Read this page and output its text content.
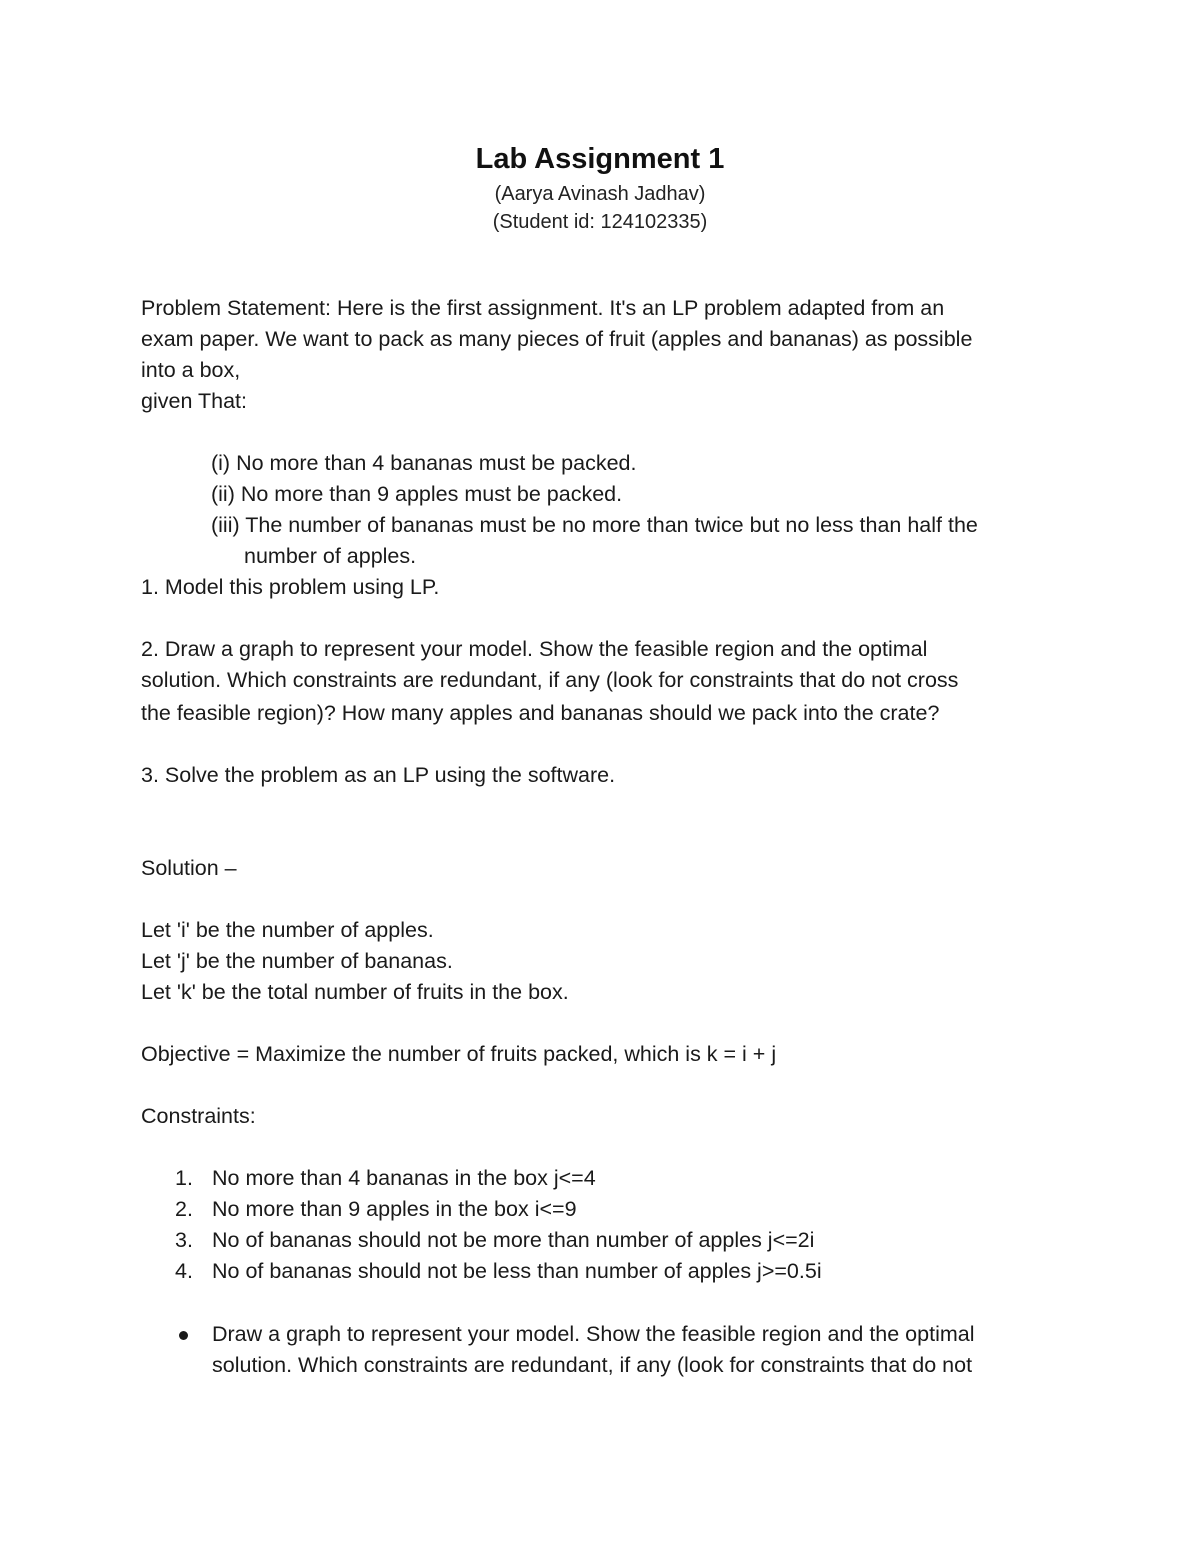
Lab Assignment 1
(Aarya Avinash Jadhav)
(Student id: 124102335)
Problem Statement: Here is the first assignment. It's an LP problem adapted from an
exam paper. We want to pack as many pieces of fruit (apples and bananas) as possible
into a box,
given That:
(i) No more than 4 bananas must be packed.
(ii) No more than 9 apples must be packed.
(iii) The number of bananas must be no more than twice but no less than half the
number of apples.
1. Model this problem using LP.
2. Draw a graph to represent your model. Show the feasible region and the optimal
solution. Which constraints are redundant, if any (look for constraints that do not cross
the feasible region)? How many apples and bananas should we pack into the crate?
3. Solve the problem as an LP using the software.
Solution –
Let 'i' be the number of apples.
Let 'j' be the number of bananas.
Let 'k' be the total number of fruits in the box.
Objective = Maximize the number of fruits packed, which is k = i + j
Constraints:
1. No more than 4 bananas in the box j<=4
2. No more than 9 apples in the box i<=9
3. No of bananas should not be more than number of apples j<=2i
4. No of bananas should not be less than number of apples j>=0.5i
Draw a graph to represent your model. Show the feasible region and the optimal
solution. Which constraints are redundant, if any (look for constraints that do not
